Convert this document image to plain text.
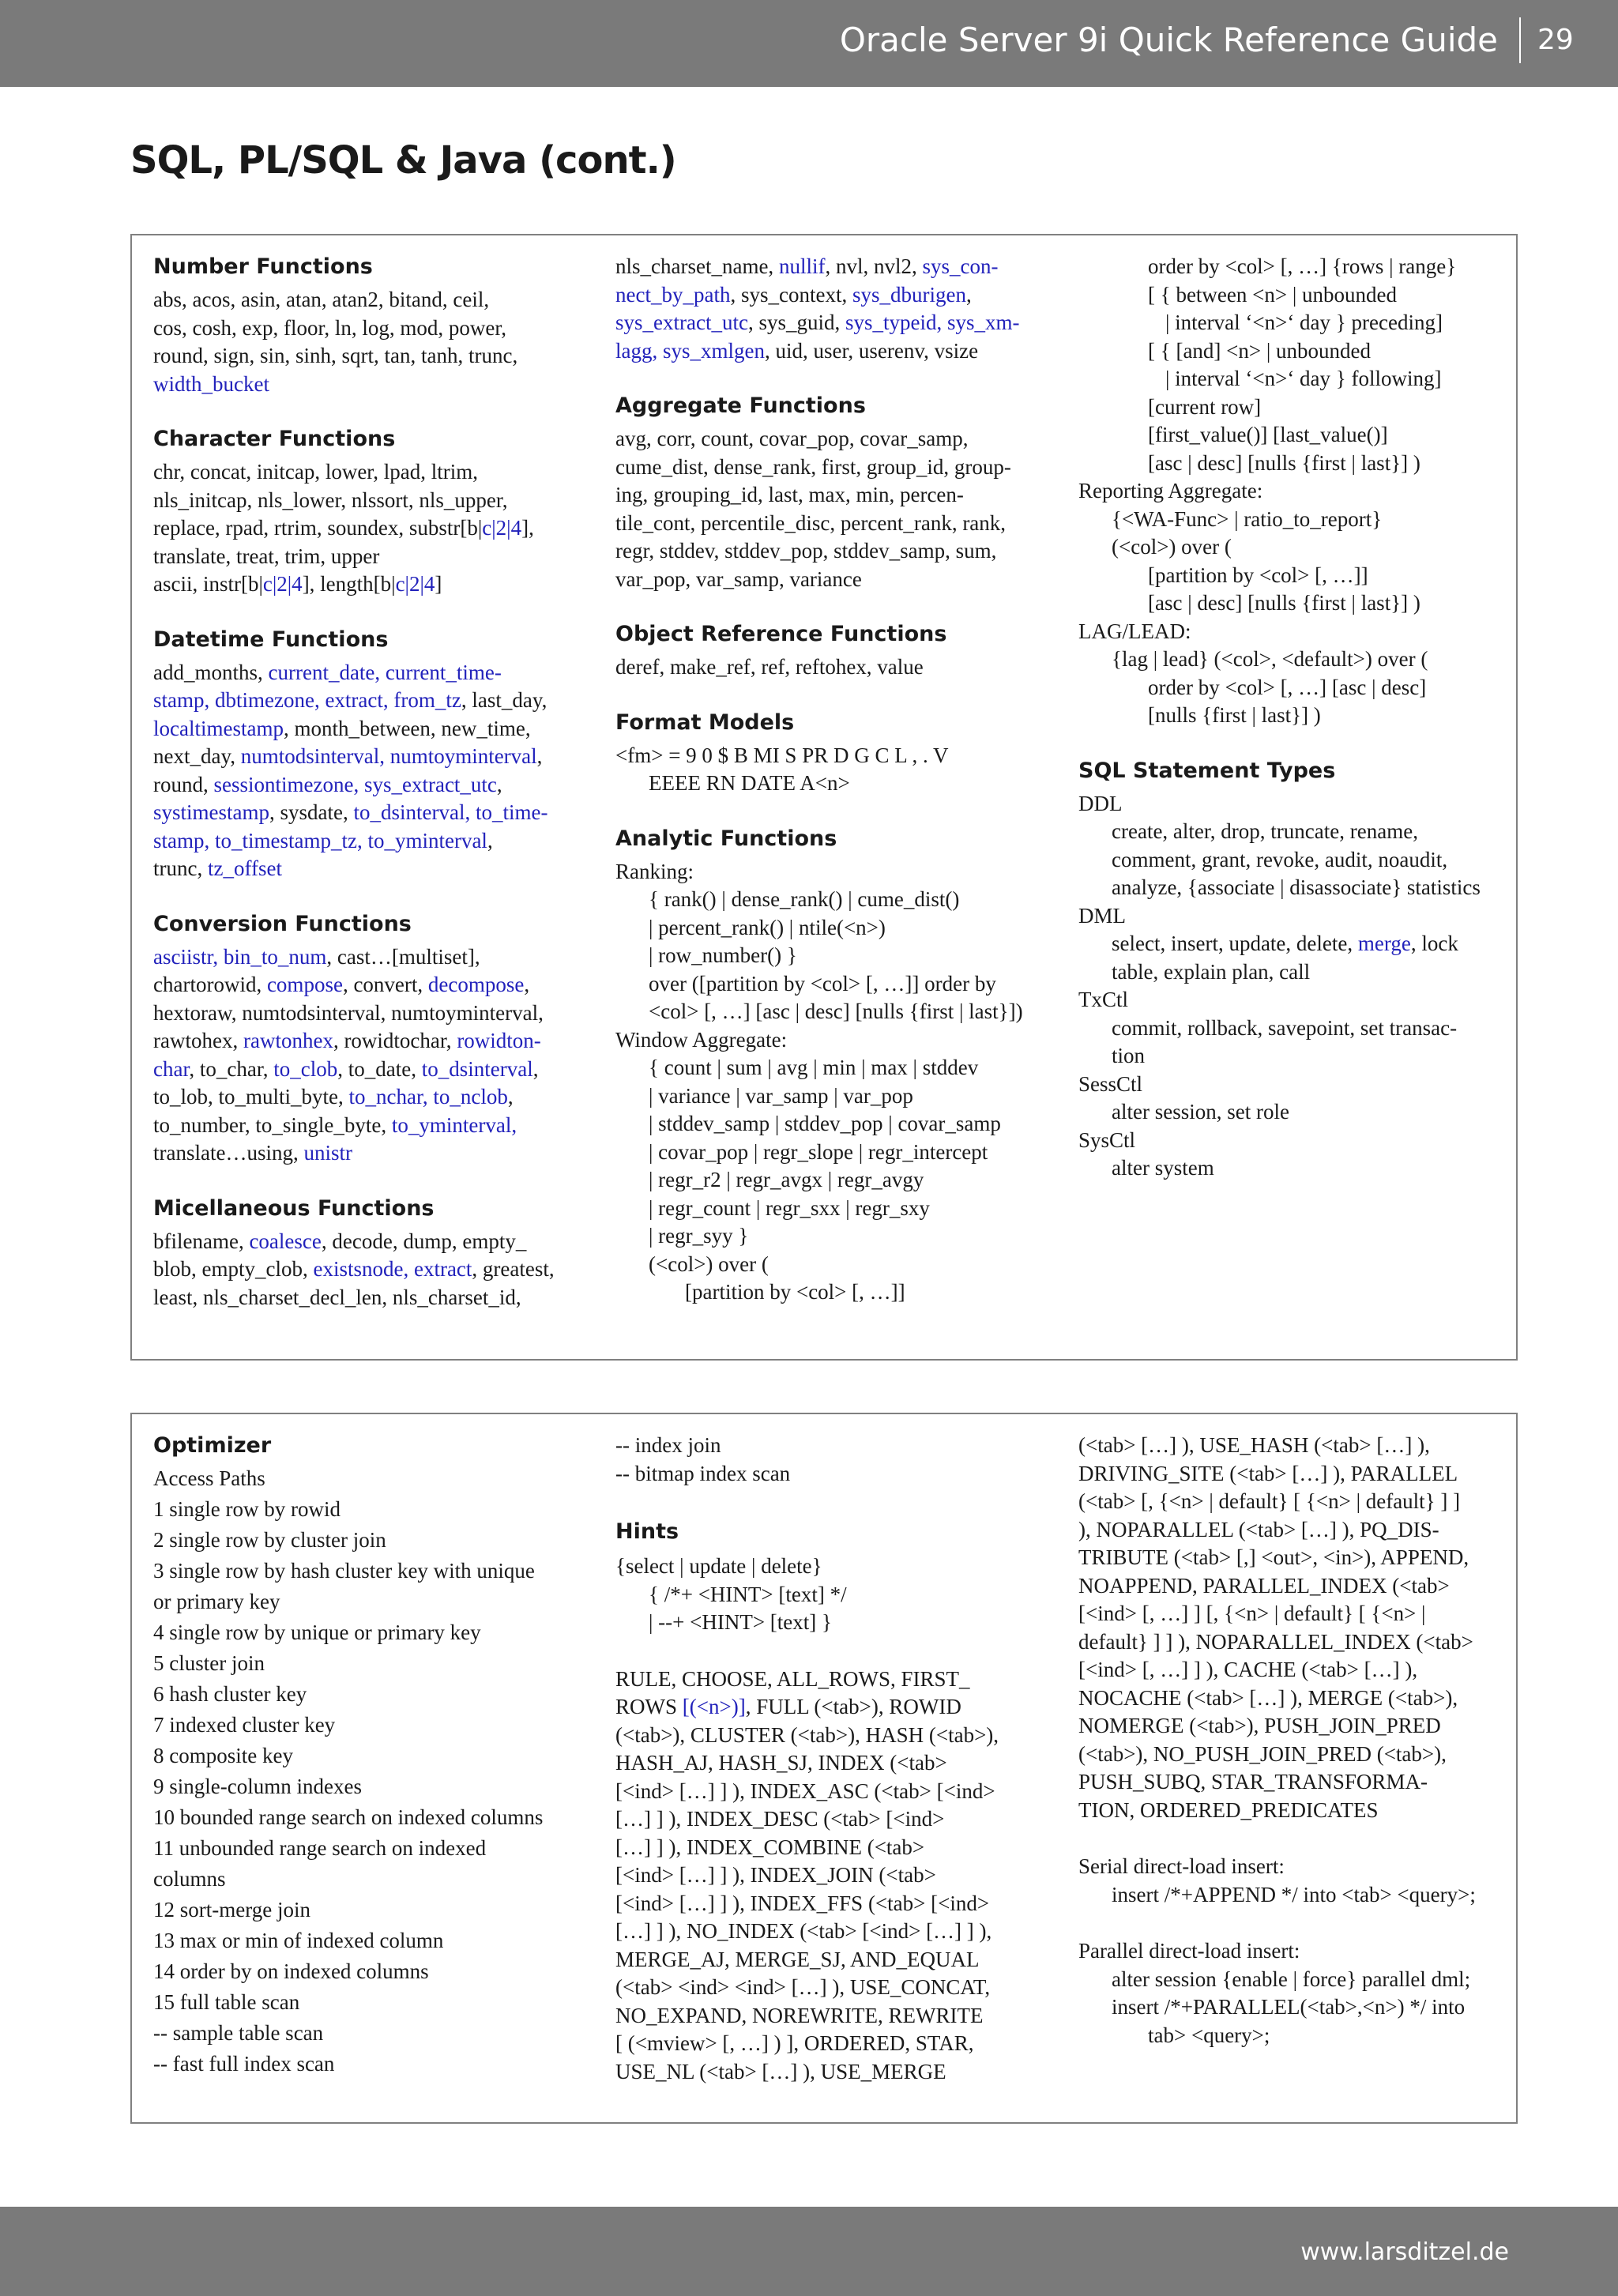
Oracle Server 9i Quick Reference Guide 29
SQL, PL/SQL & Java (cont.)
Number Functions
abs, acos, asin, atan, atan2, bitand, ceil,
cos, cosh, exp, floor, ln, log, mod, power,
round, sign, sin, sinh, sqrt, tan, tanh, trunc,
width_bucket
Character Functions
chr, concat, initcap, lower, lpad, ltrim,
nls_initcap, nls_lower, nlssort, nls_upper,
replace, rpad, rtrim, soundex, substr[b|c|2|4],
translate, treat, trim, upper
ascii, instr[b|c|2|4], length[b|c|2|4]
Datetime Functions
add_months, current_date, current_time-
stamp, dbtimezone, extract, from_tz, last_day,
localtimestamp, month_between, new_time,
next_day, numtodsinterval, numtoyminterval,
round, sessiontimezone, sys_extract_utc,
systimestamp, sysdate, to_dsinterval, to_time-
stamp, to_timestamp_tz, to_yminterval,
trunc, tz_offset
Conversion Functions
asciistr, bin_to_num, cast…[multiset],
chartorowid, compose, convert, decompose,
hextoraw, numtodsinterval, numtoyminterval,
rawtohex, rawtonhex, rowidtochar, rowidton-
char, to_char, to_clob, to_date, to_dsinterval,
to_lob, to_multi_byte, to_nchar, to_nclob,
to_number, to_single_byte, to_yminterval,
translate…using, unistr
Micellaneous Functions
bfilename, coalesce, decode, dump, empty_
blob, empty_clob, existsnode, extract, greatest,
least, nls_charset_decl_len, nls_charset_id,
nls_charset_name, nullif, nvl, nvl2, sys_con-
nect_by_path, sys_context, sys_dburigen,
sys_extract_utc, sys_guid, sys_typeid, sys_xm-
lagg, sys_xmlgen, uid, user, userenv, vsize
Aggregate Functions
avg, corr, count, covar_pop, covar_samp,
cume_dist, dense_rank, first, group_id, group-
ing, grouping_id, last, max, min, percen-
tile_cont, percentile_disc, percent_rank, rank,
regr, stddev, stddev_pop, stddev_samp, sum,
var_pop, var_samp, variance
Object Reference Functions
deref, make_ref, ref, reftohex, value
Format Models
<fm> = 9 0 $ B MI S PR D G C L , . V
EEEE RN DATE A<n>
Analytic Functions
Ranking:
{ rank() | dense_rank() | cume_dist()
| percent_rank() | ntile(<n>)
| row_number() }
over ([partition by <col> [, …]] order by
<col> [, …] [asc | desc] [nulls {first | last}])
Window Aggregate:
{ count | sum | avg | min | max | stddev
| variance | var_samp | var_pop
| stddev_samp | stddev_pop | covar_samp
| covar_pop | regr_slope | regr_intercept
| regr_r2 | regr_avgx | regr_avgy
| regr_count | regr_sxx | regr_sxy
| regr_syy }
(<col>) over (
[partition by <col> [, …]]
order by <col> [, …] {rows | range}
[ { between <n> | unbounded
| interval ‘<n>‘ day } preceding]
[ { [and] <n> | unbounded
| interval ‘<n>‘ day } following]
[current row]
[first_value()] [last_value()]
[asc | desc] [nulls {first | last}] )
Reporting Aggregate:
{<WA-Func> | ratio_to_report}
(<col>) over (
[partition by <col> [, …]]
[asc | desc] [nulls {first | last}] )
LAG/LEAD:
{lag | lead} (<col>, <default>) over (
order by <col> [, …] [asc | desc]
[nulls {first | last}] )
SQL Statement Types
DDL
create, alter, drop, truncate, rename,
comment, grant, revoke, audit, noaudit,
analyze, {associate | disassociate} statistics
DML
select, insert, update, delete, merge, lock
table, explain plan, call
TxCtl
commit, rollback, savepoint, set transac-
tion
SessCtl
alter session, set role
SysCtl
alter system
Optimizer
Access Paths
1 single row by rowid
2 single row by cluster join
3 single row by hash cluster key with unique
or primary key
4 single row by unique or primary key
5 cluster join
6 hash cluster key
7 indexed cluster key
8 composite key
9 single-column indexes
10 bounded range search on indexed columns
11 unbounded range search on indexed
columns
12 sort-merge join
13 max or min of indexed column
14 order by on indexed columns
15 full table scan
-- sample table scan
-- fast full index scan
-- index join
-- bitmap index scan
Hints
{select | update | delete}
{ /*+ <HINT> [text] */
| --+ <HINT> [text] }
RULE, CHOOSE, ALL_ROWS, FIRST_
ROWS [(<n>)], FULL (<tab>), ROWID
(<tab>), CLUSTER (<tab>), HASH (<tab>),
HASH_AJ, HASH_SJ, INDEX (<tab>
[<ind> […] ] ), INDEX_ASC (<tab> [<ind>
[…] ] ), INDEX_DESC (<tab> [<ind>
[…] ] ), INDEX_COMBINE (<tab>
[<ind> […] ] ), INDEX_JOIN (<tab>
[<ind> […] ] ), INDEX_FFS (<tab> [<ind>
[…] ] ), NO_INDEX (<tab> [<ind> […] ] ),
MERGE_AJ, MERGE_SJ, AND_EQUAL
(<tab> <ind> <ind> […] ), USE_CONCAT,
NO_EXPAND, NOREWRITE, REWRITE
[ (<mview> [, …] ) ], ORDERED, STAR,
USE_NL (<tab> […] ), USE_MERGE
(<tab> […] ), USE_HASH (<tab> […] ),
DRIVING_SITE (<tab> […] ), PARALLEL
(<tab> [, {<n> | default} [ {<n> | default} ] ]
), NOPARALLEL (<tab> […] ), PQ_DIS-
TRIBUTE (<tab> [,] <out>, <in>), APPEND,
NOAPPEND, PARALLEL_INDEX (<tab>
[<ind> [, …] ] [, {<n> | default} [ {<n> |
default} ] ] ), NOPARALLEL_INDEX (<tab>
[<ind> [, …] ] ), CACHE (<tab> […] ),
NOCACHE (<tab> […] ), MERGE (<tab>),
NOMERGE (<tab>), PUSH_JOIN_PRED
(<tab>), NO_PUSH_JOIN_PRED (<tab>),
PUSH_SUBQ, STAR_TRANSFORMA-
TION, ORDERED_PREDICATES
Serial direct-load insert:
insert /*+APPEND */ into <tab> <query>;
Parallel direct-load insert:
alter session {enable | force} parallel dml;
insert /*+PARALLEL(<tab>,<n>) */ into
tab> <query>;
www.larsditzel.de
